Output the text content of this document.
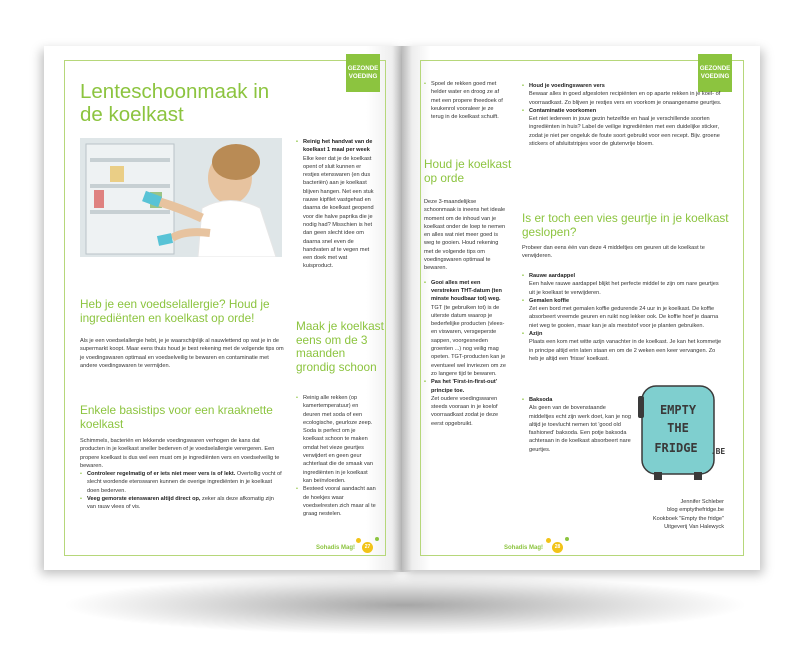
GEZONDE VOEDING
Lenteschoonmaak in de koelkast
Heb je een voedselallergie? Houd je ingrediënten en koelkast op orde!

Als je een voedselallergie hebt, je je waarschijnlijk al nauwlettend op wat je in de supermarkt koopt. Maar eens thuis houd je best rekening met de volgende tips om je voedingswaren optimaal en voedselveilig te bewaren en contaminatie met andere voedingswaren te vermijden.

Enkele basistips voor een kraaknette koelkast

Schimmels, bacteriën en lekkende voedingswaren verhogen de kans dat producten in je koelkast sneller bederven of je voedselallergie verergeren. Een propere koelkast is dus wel een must om je ingrediënten vers en voedselveilig te bewaren.

• Controleer regelmatig of er iets niet meer vers is of lekt. Overtollig vocht of slecht wordende etenswaren kunnen de overige ingrediënten in je koelkast doen bederven.

• Veeg gemorste etenswaren altijd direct op, zeker als deze afkomatig zijn van rauw vlees of vis.

• Reinig het handvat van de koelkast 1 maal per week

Elke keer dat je de koelkast opent of sluit kunnen er restjes etenswaren (en dus bacteriën) aan je koelkast blijven hangen. Net een stuk rauwe kipfilet vastgehad en daarna de koelkast geopend voor die halve paprika die je nodig had? Misschien is het dan geen slecht idee om daarna snel even de handvaten af te vegen met een doek met wat kuisproduct.

Maak je koelkast eens om de 3 maanden grondig schoon

• Reinig alle rekken (op kamertemperatuur) en deuren met soda of een ecologische, geurloze zeep. Soda is perfect om je koelkast schoon te maken omdat het vieze geurtjes verwijdert en geen geur achterlaat die de smaak van ingrediënten in je koelkast kan beïnvloeden.

• Besteed vooral aandacht aan de hoekjes waar voedselresten zich maar al te graag nestelen.

Sohadis Mag!	27
GEZONDE VOEDING

• Spoel de rekken goed met helder water en droog ze af met een propere theedoek of keukenrol vooraleer je ze terug in de koelkast schuift.

Houd je koelkast op orde

Deze 3-maandelijkse schoonmaak is ineens het ideale moment om de inhoud van je koelkast onder de loep te nemen en alles wat niet meer goed is weg te gooien. Houd rekening met de volgende tips om voedingswaren optimaal te bewaren.

• Gooi alles met een verstreken THT-datum (ten minste houdbaar tot) weg.

TGT (te gebruiken tot) is de uiterste datum waarop je bederfelijke producten (vlees- en viswaren, versgeperste sappen, voorgesneden groenten ...) nog veilig mag opeten. TGT-producten kan je eventueel wel invriezen om ze zo langere tijd te bewaren.

• Pas het 'First-in-first-out' principe toe.

Zet oudere voedingswaren steeds vooraan in je koelof voorraadkast zodat je deze eerst opgebruikt.

• Houd je voedingswaren vers

Bewaar alles in goed afgesloten recipiënten en op aparte rekken in je koel- of voorraadkast. Zo blijven je restjes vers en voorkom je onaangename geurtjes.

• Contaminatie voorkomen

Eet niet iedereen in jouw gezin hetzelfde en haal je verschillende soorten ingrediënten in huis? Label de veilige ingrediënten met een duidelijke sticker, zodat je niet per ongeluk de foute soort gebruikt voor een recept. Bijv. groene stickers of afsluitstripjes voor de glutenvrije bloem.

Is er toch een vies geurtje in je koelkast geslopen?

Probeer dan eens één van deze 4 middeltjes om geuren uit de koelkast te verwijderen.

• Rauwe aardappel

Een halve rauwe aardappel blijkt het perfecte middel te zijn om nare geurtjes uit je koelkast te verwijderen.

• Gemalen koffie

Zet een bord met gemalen koffie gedurende 24 uur in je koelkast. De koffie absorbeert vreemde geuren en ruikt nog lekker ook. De koffie hoef je daarna niet weg te gooien, maar kan je als meststof voor je planten gebruiken.

• Azijn

Plaats een kom met witte azijn vanachter in de koelkast. Je kan het kommetje in principe altijd erin laten staan en om de 2 weken een keer vervangen. Zo heb je altijd een 'frisse' koelkast.

• Baksoda

Als geen van de bovenstaande middeltjes echt zijn werk doet, kan je nog altijd je toevlucht nemen tot 'good old fashioned' baksoda. Een potje baksoda achteraan in de koelkast absorbeert nare geurtjes.

EMPTY
THE
FRIDGE .BE

Jennifer Schleber

blog emptythefridge.be

Kookboek "Empty the fridge"

Uitgeverij Van Halewyck

Sohadis Mag!	28
